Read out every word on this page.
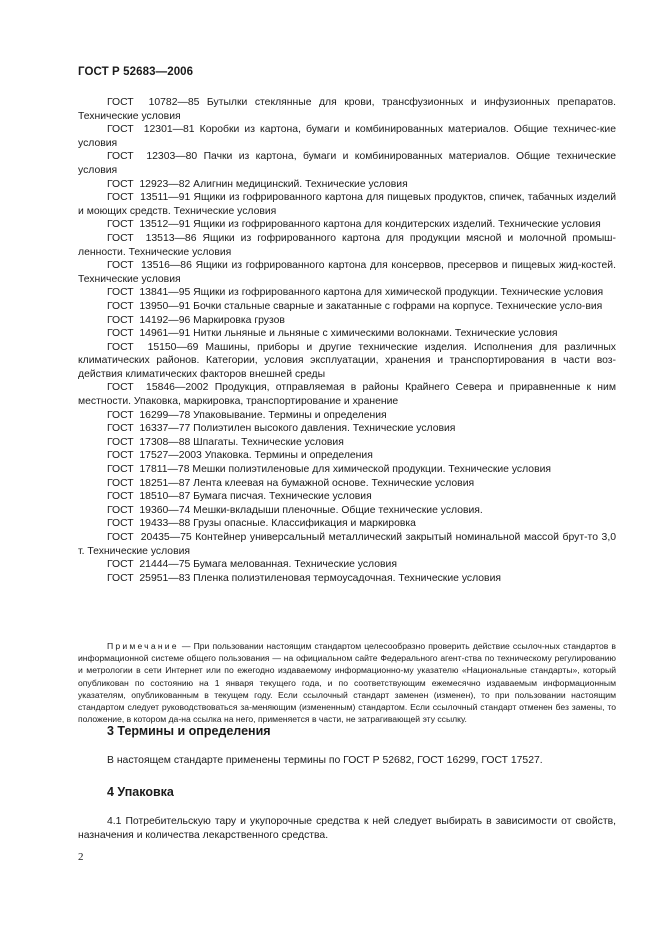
ГОСТ Р 52683—2006
ГОСТ  10782—85 Бутылки стеклянные для крови, трансфузионных и инфузионных препаратов. Технические условия
ГОСТ  12301—81 Коробки из картона, бумаги и комбинированных материалов. Общие техничес-кие условия
ГОСТ  12303—80 Пачки из картона, бумаги и комбинированных материалов. Общие технические условия
ГОСТ  12923—82 Алигнин медицинский. Технические условия
ГОСТ  13511—91 Ящики из гофрированного картона для пищевых продуктов, спичек, табачных изделий и моющих средств. Технические условия
ГОСТ  13512—91 Ящики из гофрированного картона для кондитерских изделий. Технические условия
ГОСТ  13513—86 Ящики из гофрированного картона для продукции мясной и молочной промыш-ленности. Технические условия
ГОСТ  13516—86 Ящики из гофрированного картона для консервов, пресервов и пищевых жид-костей. Технические условия
ГОСТ  13841—95 Ящики из гофрированного картона для химической продукции. Технические условия
ГОСТ  13950—91 Бочки стальные сварные и закатанные с гофрами на корпусе. Технические усло-вия
ГОСТ  14192—96 Маркировка грузов
ГОСТ  14961—91 Нитки льняные и льняные с химическими волокнами. Технические условия
ГОСТ  15150—69 Машины, приборы и другие технические изделия. Исполнения для различных климатических районов. Категории, условия эксплуатации, хранения и транспортирования в части воз-действия климатических факторов внешней среды
ГОСТ  15846—2002 Продукция, отправляемая в районы Крайнего Севера и приравненные к ним местности. Упаковка, маркировка, транспортирование и хранение
ГОСТ  16299—78 Упаковывание. Термины и определения
ГОСТ  16337—77 Полиэтилен высокого давления. Технические условия
ГОСТ  17308—88 Шпагаты. Технические условия
ГОСТ  17527—2003 Упаковка. Термины и определения
ГОСТ  17811—78 Мешки полиэтиленовые для химической продукции. Технические условия
ГОСТ  18251—87 Лента клеевая на бумажной основе. Технические условия
ГОСТ  18510—87 Бумага писчая. Технические условия
ГОСТ  19360—74 Мешки-вкладыши пленочные. Общие технические условия.
ГОСТ  19433—88 Грузы опасные. Классификация и маркировка
ГОСТ  20435—75 Контейнер универсальный металлический закрытый номинальной массой брут-то 3,0 т. Технические условия
ГОСТ  21444—75 Бумага мелованная. Технические условия
ГОСТ  25951—83 Пленка полиэтиленовая термоусадочная. Технические условия
Примечание — При пользовании настоящим стандартом целесообразно проверить действие ссылоч-ных стандартов в информационной системе общего пользования — на официальном сайте Федерального агент-ства по техническому регулированию и метрологии в сети Интернет или по ежегодно издаваемому информационно-му указателю «Национальные стандарты», который опубликован по состоянию на 1 января текущего года, и по соответствующим ежемесячно издаваемым информационным указателям, опубликованным в текущем году. Если ссылочный стандарт заменен (изменен), то при пользовании настоящим стандартом следует руководствоваться за-меняющим (измененным) стандартом. Если ссылочный стандарт отменен без замены, то положение, в котором да-на ссылка на него, применяется в части, не затрагивающей эту ссылку.
3 Термины и определения
В настоящем стандарте применены термины по ГОСТ Р 52682, ГОСТ 16299, ГОСТ 17527.
4 Упаковка
4.1 Потребительскую тару и укупорочные средства к ней следует выбирать в зависимости от свойств, назначения и количества лекарственного средства.
2
